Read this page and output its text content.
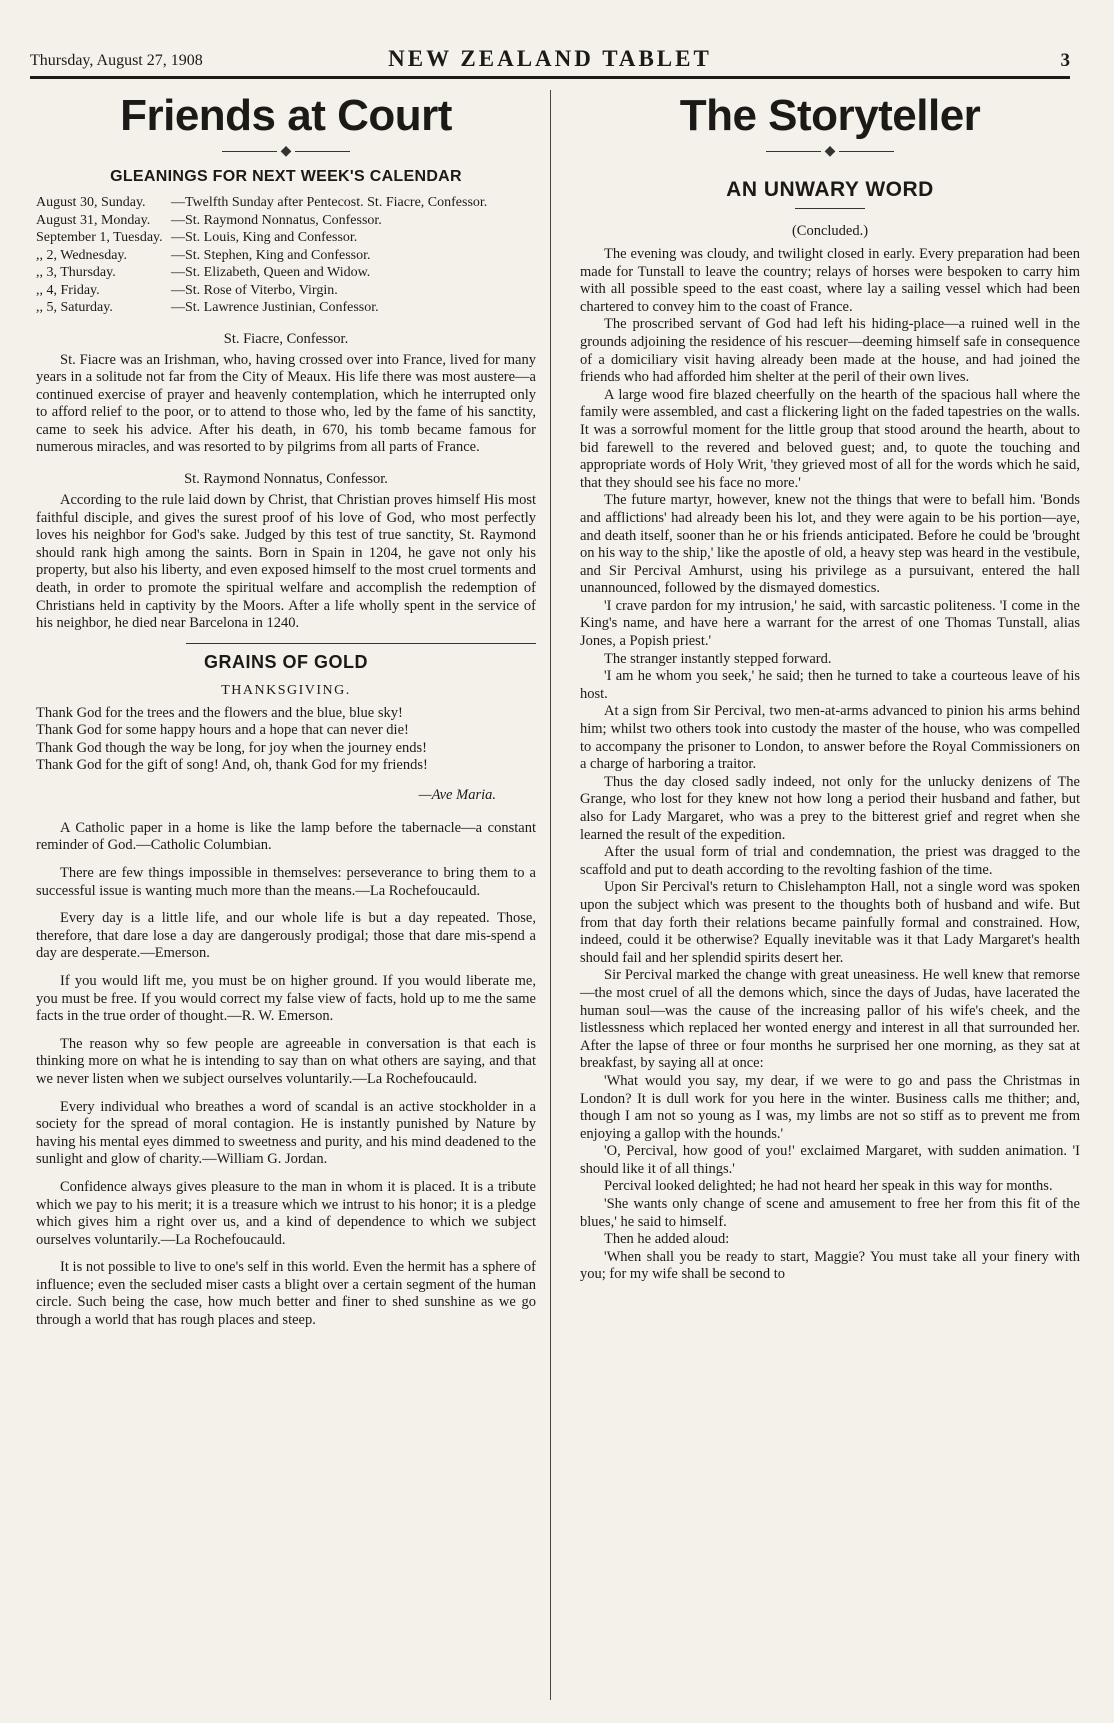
Thursday, August 27, 1908	NEW ZEALAND TABLET	3
Friends at Court
◆
GLEANINGS FOR NEXT WEEK'S CALENDAR
August 30, Sunday.	—Twelfth Sunday after Pentecost. St. Fiacre, Confessor.
August 31, Monday.	—St. Raymond Nonnatus, Confessor.
September 1, Tuesday. —St. Louis, King and Confessor.
,, 2, Wednesday.	—St. Stephen, King and Confessor.
,, 3, Thursday.	—St. Elizabeth, Queen and Widow.
,, 4, Friday.	—St. Rose of Viterbo, Virgin.
,, 5, Saturday.	—St. Lawrence Justinian, Confessor.
St. Fiacre, Confessor.

St. Fiacre was an Irishman, who, having crossed over into France, lived for many years in a solitude not far from the City of Meaux. His life there was most austere—a continued exercise of prayer and heavenly contemplation, which he interrupted only to afford relief to the poor, or to attend to those who, led by the fame of his sanctity, came to seek his advice. After his death, in 670, his tomb became famous for numerous miracles, and was resorted to by pilgrims from all parts of France.

St. Raymond Nonnatus, Confessor.

According to the rule laid down by Christ, that Christian proves himself His most faithful disciple, and gives the surest proof of his love of God, who most perfectly loves his neighbor for God's sake. Judged by this test of true sanctity, St. Raymond should rank high among the saints. Born in Spain in 1204, he gave not only his property, but also his liberty, and even exposed himself to the most cruel torments and death, in order to promote the spiritual welfare and accomplish the redemption of Christians held in captivity by the Moors. After a life wholly spent in the service of his neighbor, he died near Barcelona in 1240.

GRAINS OF GOLD
THANKSGIVING.
Thank God for the trees and the flowers and the blue, blue sky!
Thank God for some happy hours and a hope that can never die!
Thank God though the way be long, for joy when the journey ends!
Thank God for the gift of song! And, oh, thank God for my friends!
—Ave Maria.

A Catholic paper in a home is like the lamp before the tabernacle—a constant reminder of God.—Catholic Columbian.

There are few things impossible in themselves: perseverance to bring them to a successful issue is wanting much more than the means.—La Rochefoucauld.

Every day is a little life, and our whole life is but a day repeated. Those, therefore, that dare lose a day are dangerously prodigal; those that dare mis-spend a day are desperate.—Emerson.

If you would lift me, you must be on higher ground. If you would liberate me, you must be free. If you would correct my false view of facts, hold up to me the same facts in the true order of thought.—R. W. Emerson.

The reason why so few people are agreeable in conversation is that each is thinking more on what he is intending to say than on what others are saying, and that we never listen when we subject ourselves voluntarily.—La Rochefoucauld.

Every individual who breathes a word of scandal is an active stockholder in a society for the spread of moral contagion. He is instantly punished by Nature by having his mental eyes dimmed to sweetness and purity, and his mind deadened to the sunlight and glow of charity.—William G. Jordan.

Confidence always gives pleasure to the man in whom it is placed. It is a tribute which we pay to his merit; it is a treasure which we intrust to his honor; it is a pledge which gives him a right over us, and a kind of dependence to which we subject ourselves voluntarily.—La Rochefoucauld.

It is not possible to live to one's self in this world. Even the hermit has a sphere of influence; even the secluded miser casts a blight over a certain segment of the human circle. Such being the case, how much better and finer to shed sunshine as we go through a world that has rough places and steep.

The Storyteller
◆
AN UNWARY WORD
(Concluded.)

The evening was cloudy, and twilight closed in early. Every preparation had been made for Tunstall to leave the country; relays of horses were bespoken to carry him with all possible speed to the east coast, where lay a sailing vessel which had been chartered to convey him to the coast of France.

The proscribed servant of God had left his hiding-place—a ruined well in the grounds adjoining the residence of his rescuer—deeming himself safe in consequence of a domiciliary visit having already been made at the house, and had joined the friends who had afforded him shelter at the peril of their own lives.

A large wood fire blazed cheerfully on the hearth of the spacious hall where the family were assembled, and cast a flickering light on the faded tapestries on the walls. It was a sorrowful moment for the little group that stood around the hearth, about to bid farewell to the revered and beloved guest; and, to quote the touching and appropriate words of Holy Writ, 'they grieved most of all for the words which he said, that they should see his face no more.'

The future martyr, however, knew not the things that were to befall him. 'Bonds and afflictions' had already been his lot, and they were again to be his portion—aye, and death itself, sooner than he or his friends anticipated. Before he could be 'brought on his way to the ship,' like the apostle of old, a heavy step was heard in the vestibule, and Sir Percival Amhurst, using his privilege as a pursuivant, entered the hall unannounced, followed by the dismayed domestics.

'I crave pardon for my intrusion,' he said, with sarcastic politeness. 'I come in the King's name, and have here a warrant for the arrest of one Thomas Tunstall, alias Jones, a Popish priest.'

The stranger instantly stepped forward.

'I am he whom you seek,' he said; then he turned to take a courteous leave of his host.

At a sign from Sir Percival, two men-at-arms advanced to pinion his arms behind him; whilst two others took into custody the master of the house, who was compelled to accompany the prisoner to London, to answer before the Royal Commissioners on a charge of harboring a traitor.

Thus the day closed sadly indeed, not only for the unlucky denizens of The Grange, who lost for they knew not how long a period their husband and father, but also for Lady Margaret, who was a prey to the bitterest grief and regret when she learned the result of the expedition.

After the usual form of trial and condemnation, the priest was dragged to the scaffold and put to death according to the revolting fashion of the time.

Upon Sir Percival's return to Chislehampton Hall, not a single word was spoken upon the subject which was present to the thoughts both of husband and wife. But from that day forth their relations became painfully formal and constrained. How, indeed, could it be otherwise? Equally inevitable was it that Lady Margaret's health should fail and her splendid spirits desert her.

Sir Percival marked the change with great uneasiness. He well knew that remorse—the most cruel of all the demons which, since the days of Judas, have lacerated the human soul—was the cause of the increasing pallor of his wife's cheek, and the listlessness which replaced her wonted energy and interest in all that surrounded her. After the lapse of three or four months he surprised her one morning, as they sat at breakfast, by saying all at once:

'What would you say, my dear, if we were to go and pass the Christmas in London? It is dull work for you here in the winter. Business calls me thither; and, though I am not so young as I was, my limbs are not so stiff as to prevent me from enjoying a gallop with the hounds.'

'O, Percival, how good of you!' exclaimed Margaret, with sudden animation. 'I should like it of all things.'

Percival looked delighted; he had not heard her speak in this way for months.

'She wants only change of scene and amusement to free her from this fit of the blues,' he said to himself.

Then he added aloud:

'When shall you be ready to start, Maggie? You must take all your finery with you; for my wife shall be second to
